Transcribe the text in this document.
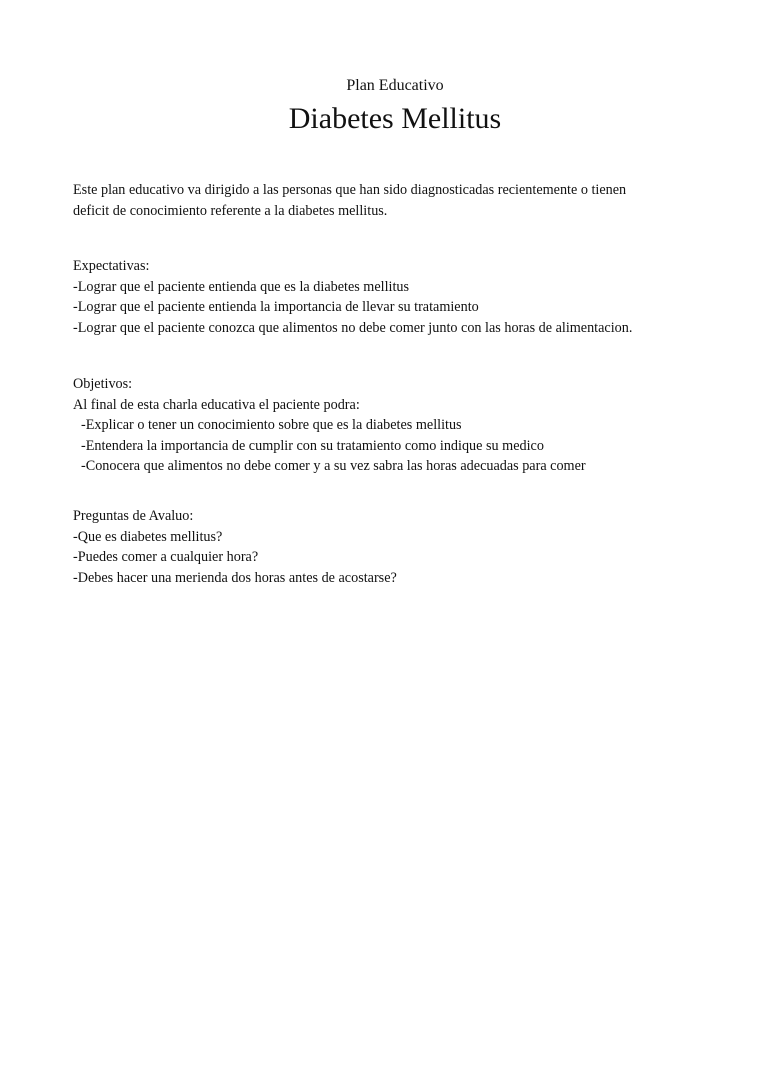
Plan Educativo
Diabetes Mellitus

Este plan educativo va dirigido a las personas que han sido diagnosticadas recientemente o tienen

deficit de conocimiento referente a la diabetes mellitus.

Expectativas:

-Lograr que el paciente entienda que es la diabetes mellitus

-Lograr que el paciente entienda la importancia de llevar su tratamiento

-Lograr que el paciente conozca que alimentos no debe comer junto con las horas de alimentacion.

Objetivos:

Al final de esta charla educativa el paciente podra:

-Explicar o tener un conocimiento sobre que es la diabetes mellitus

-Entendera la importancia de cumplir con su tratamiento como indique su medico

-Conocera que alimentos no debe comer y a su vez sabra las horas adecuadas para comer

Preguntas de Avaluo:

-Que es diabetes mellitus?

-Puedes comer a cualquier hora?

-Debes hacer una merienda dos horas antes de acostarse?
